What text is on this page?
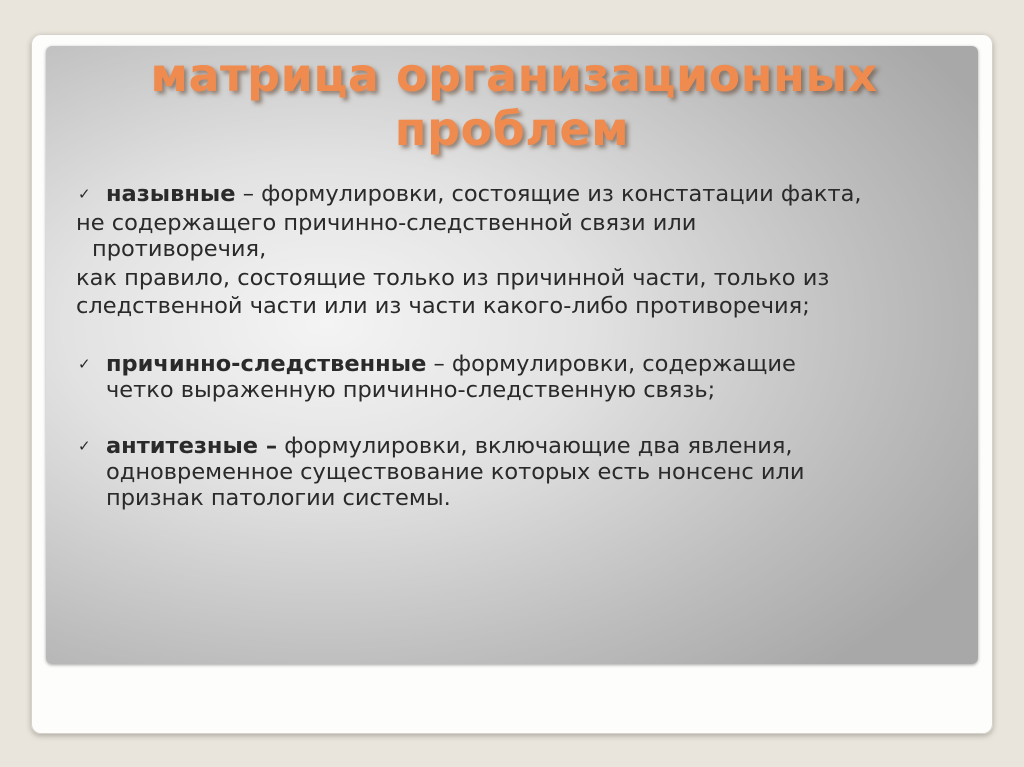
матрица организационных
проблем
✓ назывные – формулировки, состоящие из констатации факта,
не содержащего причинно-следственной связи или
противоречия,
как правило, состоящие только из причинной части, только из
следственной части или из части какого-либо противоречия;
✓ причинно-следственные – формулировки, содержащие
четко выраженную причинно-следственную связь;
✓ антитезные – формулировки, включающие два явления,
одновременное существование которых есть нонсенс или
признак патологии системы.
